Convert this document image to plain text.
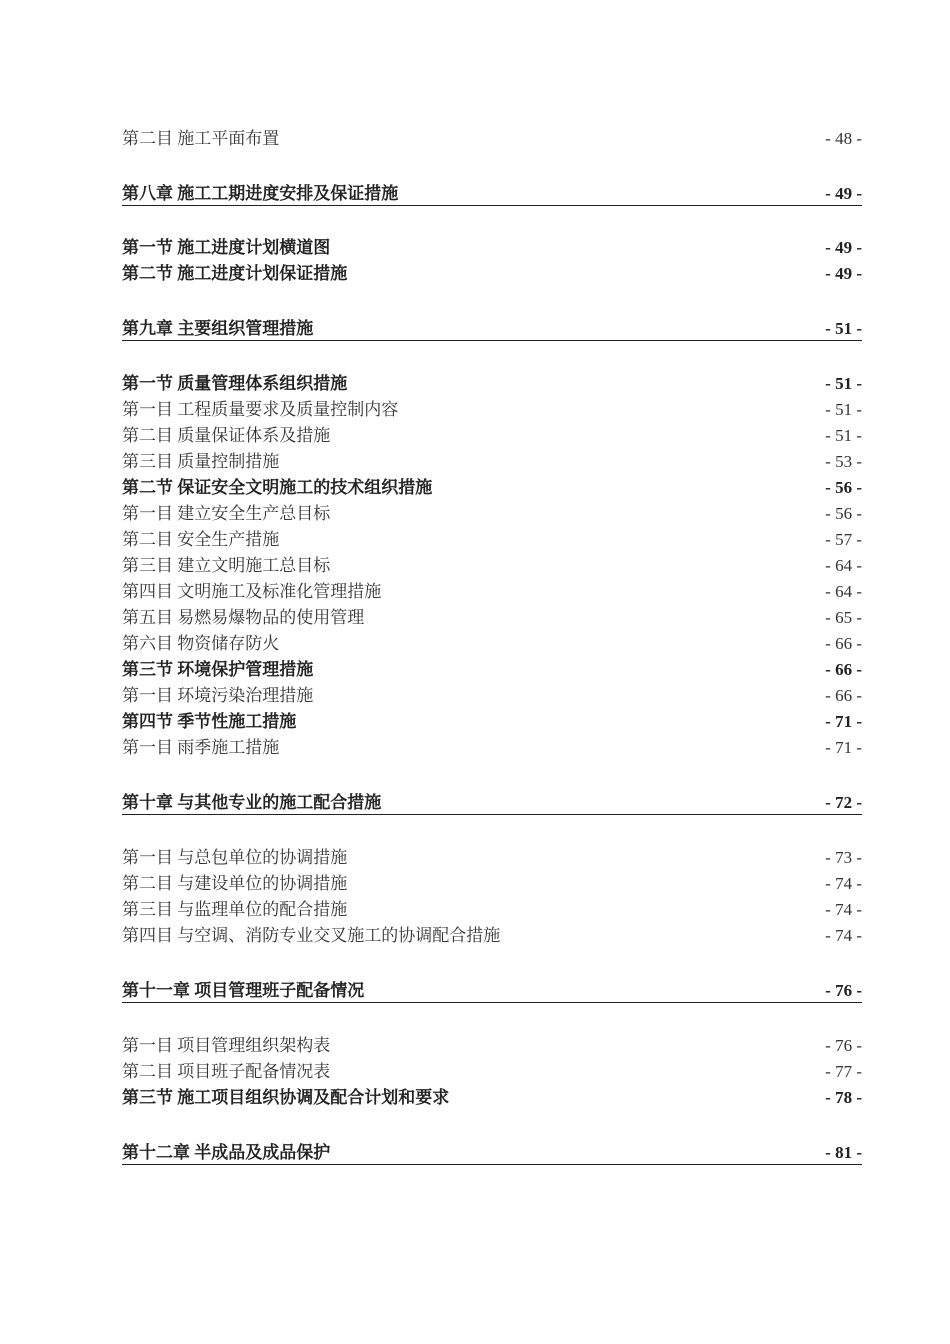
第二目 施工平面布置	- 48 -
第八章 施工工期进度安排及保证措施	- 49 -
第一节 施工进度计划横道图	- 49 -
第二节 施工进度计划保证措施	- 49 -
第九章 主要组织管理措施	- 51 -
第一节 质量管理体系组织措施	- 51 -
第一目 工程质量要求及质量控制内容	- 51 -
第二目 质量保证体系及措施	- 51 -
第三目 质量控制措施	- 53 -
第二节 保证安全文明施工的技术组织措施	- 56 -
第一目 建立安全生产总目标	- 56 -
第二目 安全生产措施	- 57 -
第三目 建立文明施工总目标	- 64 -
第四目 文明施工及标准化管理措施	- 64 -
第五目 易燃易爆物品的使用管理	- 65 -
第六目 物资储存防火	- 66 -
第三节 环境保护管理措施	- 66 -
第一目 环境污染治理措施	- 66 -
第四节 季节性施工措施	- 71 -
第一目 雨季施工措施	- 71 -
第十章 与其他专业的施工配合措施	- 72 -
第一目 与总包单位的协调措施	- 73 -
第二目 与建设单位的协调措施	- 74 -
第三目 与监理单位的配合措施	- 74 -
第四目 与空调、消防专业交叉施工的协调配合措施	- 74 -
第十一章 项目管理班子配备情况	- 76 -
第一目 项目管理组织架构表	- 76 -
第二目 项目班子配备情况表	- 77 -
第三节 施工项目组织协调及配合计划和要求	- 78 -
第十二章 半成品及成品保护	- 81 -
